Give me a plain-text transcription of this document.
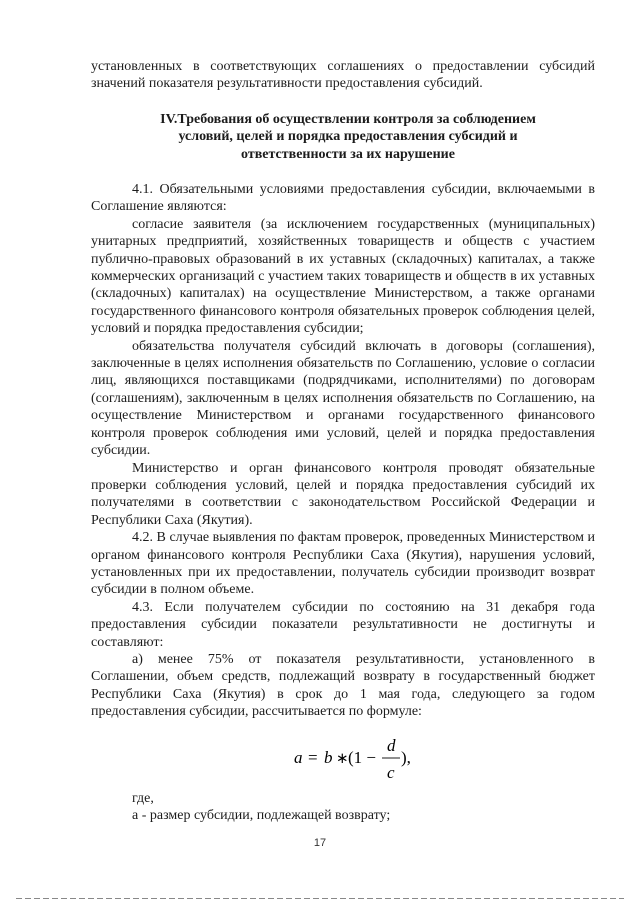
установленных в соответствующих соглашениях о предоставлении субсидий значений показателя результативности предоставления субсидий.

IV.Требования об осуществлении контроля за соблюдением условий, целей и порядка предоставления субсидий и ответственности за их нарушение

4.1. Обязательными условиями предоставления субсидии, включаемыми в Соглашение являются:

согласие заявителя (за исключением государственных (муниципальных) унитарных предприятий, хозяйственных товариществ и обществ с участием публично-правовых образований в их уставных (складочных) капиталах, а также коммерческих организаций с участием таких товариществ и обществ в их уставных (складочных) капиталах) на осуществление Министерством, а также органами государственного финансового контроля обязательных проверок соблюдения целей, условий и порядка предоставления субсидии;

обязательства получателя субсидий включать в договоры (соглашения), заключенные в целях исполнения обязательств по Соглашению, условие о согласии лиц, являющихся поставщиками (подрядчиками, исполнителями) по договорам (соглашениям), заключенным в целях исполнения обязательств по Соглашению, на осуществление Министерством и органами государственного финансового контроля проверок соблюдения ими условий, целей и порядка предоставления субсидии.

Министерство и орган финансового контроля проводят обязательные проверки соблюдения условий, целей и порядка предоставления субсидий их получателями в соответствии с законодательством Российской Федерации и Республики Саха (Якутия).

4.2. В случае выявления по фактам проверок, проведенных Министерством и органом финансового контроля Республики Саха (Якутия), нарушения условий, установленных при их предоставлении, получатель субсидии производит возврат субсидии в полном объеме.

4.3. Если получателем субсидии по состоянию на 31 декабря года предоставления субсидии показатели результативности не достигнуты и составляют:

а) менее 75% от показателя результативности, установленного в Соглашении, объем средств, подлежащий возврату в государственный бюджет Республики Саха (Якутия) в срок до 1 мая года, следующего за годом предоставления субсидии, рассчитывается по формуле:

a = b ∗ (1 −
d
c
),

где,

а - размер субсидии, подлежащей возврату;

17
